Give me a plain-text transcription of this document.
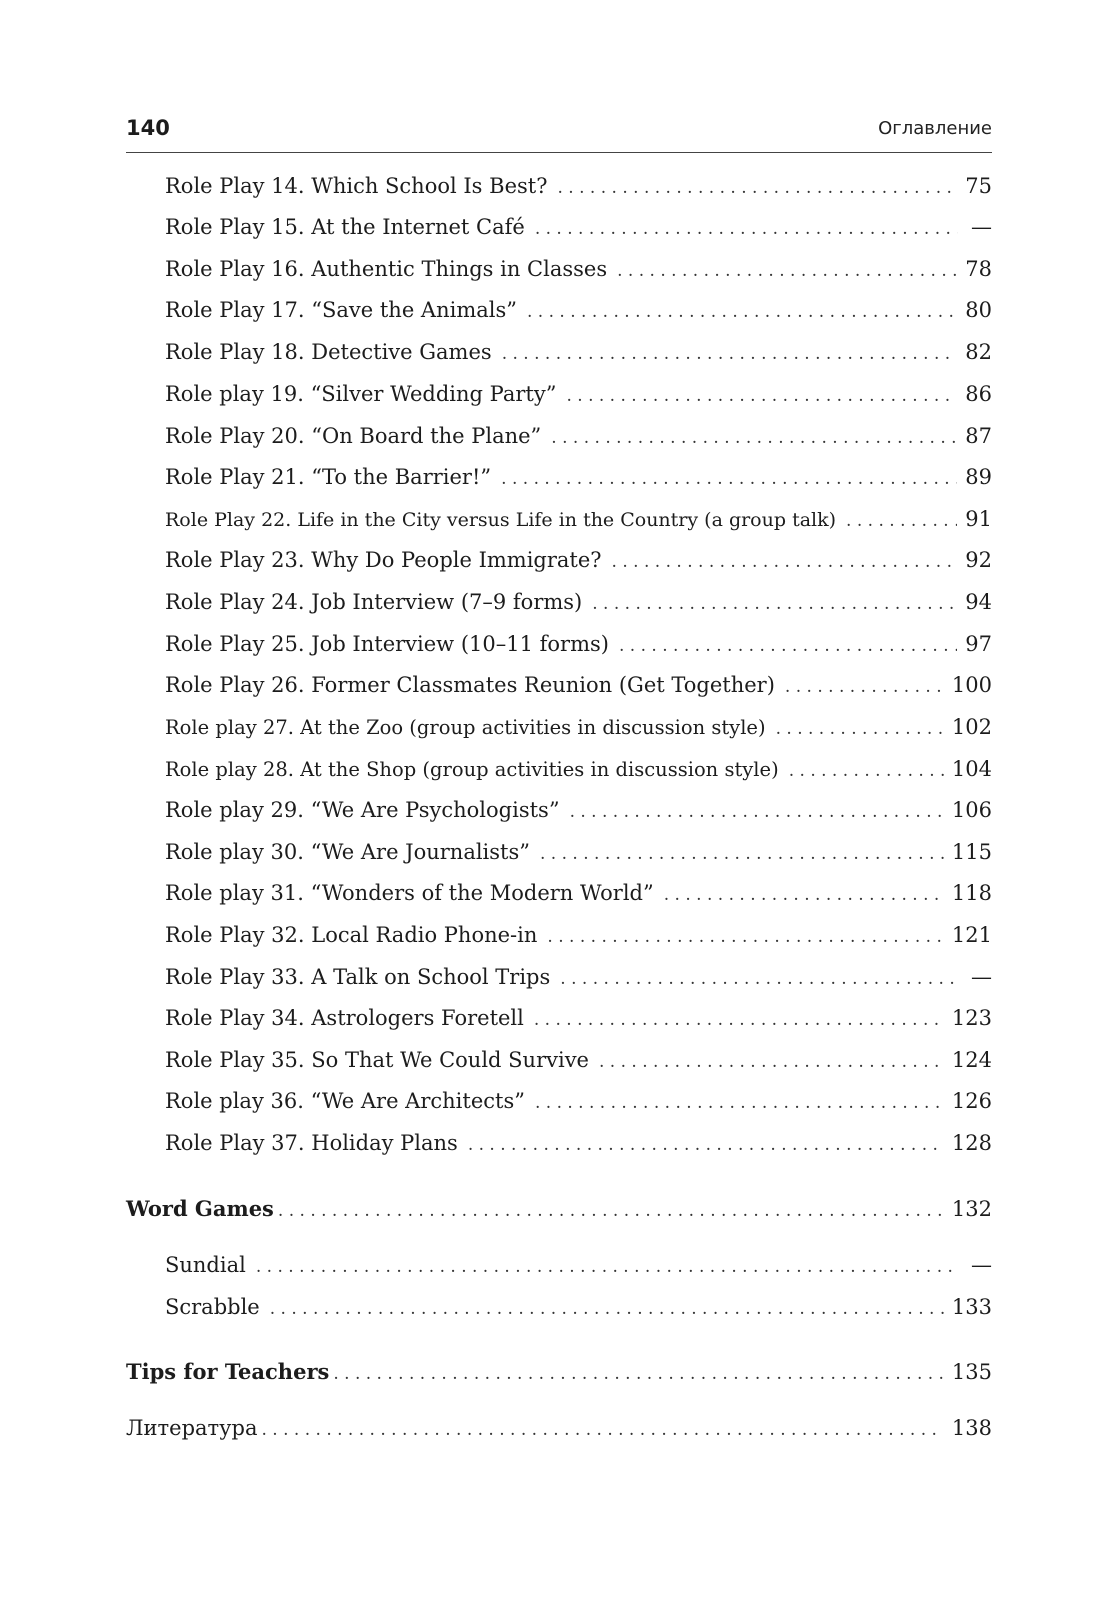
140	Оглавление
Role Play 14. Which School Is Best? . . .	75
Role Play 15. At the Internet Café . . .	—
Role Play 16. Authentic Things in Classes . . .	78
Role Play 17. “Save the Animals” . . .	80
Role Play 18. Detective Games . . .	82
Role play 19. “Silver Wedding Party” . . .	86
Role Play 20. “On Board the Plane” . . .	87
Role Play 21. “To the Barrier!” . . .	89
Role Play 22. Life in the City versus Life in the Country (a group talk) . . .	91
Role Play 23. Why Do People Immigrate? . . .	92
Role Play 24. Job Interview (7–9 forms) . . .	94
Role Play 25. Job Interview (10–11 forms) . . .	97
Role Play 26. Former Classmates Reunion (Get Together) . . .	100
Role play 27. At the Zoo (group activities in discussion style) . . .	102
Role play 28. At the Shop (group activities in discussion style) . . .	104
Role play 29. “We Are Psychologists” . . .	106
Role play 30. “We Are Journalists” . . .	115
Role play 31. “Wonders of the Modern World” . . .	118
Role Play 32. Local Radio Phone-in . . .	121
Role Play 33. A Talk on School Trips . . .	—
Role Play 34. Astrologers Foretell . . .	123
Role Play 35. So That We Could Survive . . .	124
Role play 36. “We Are Architects” . . .	126
Role Play 37. Holiday Plans . . .	128
Word Games . . .	132
Sundial . . .	—
Scrabble . . .	133
Tips for Teachers . . .	135
Литература . . .	138
